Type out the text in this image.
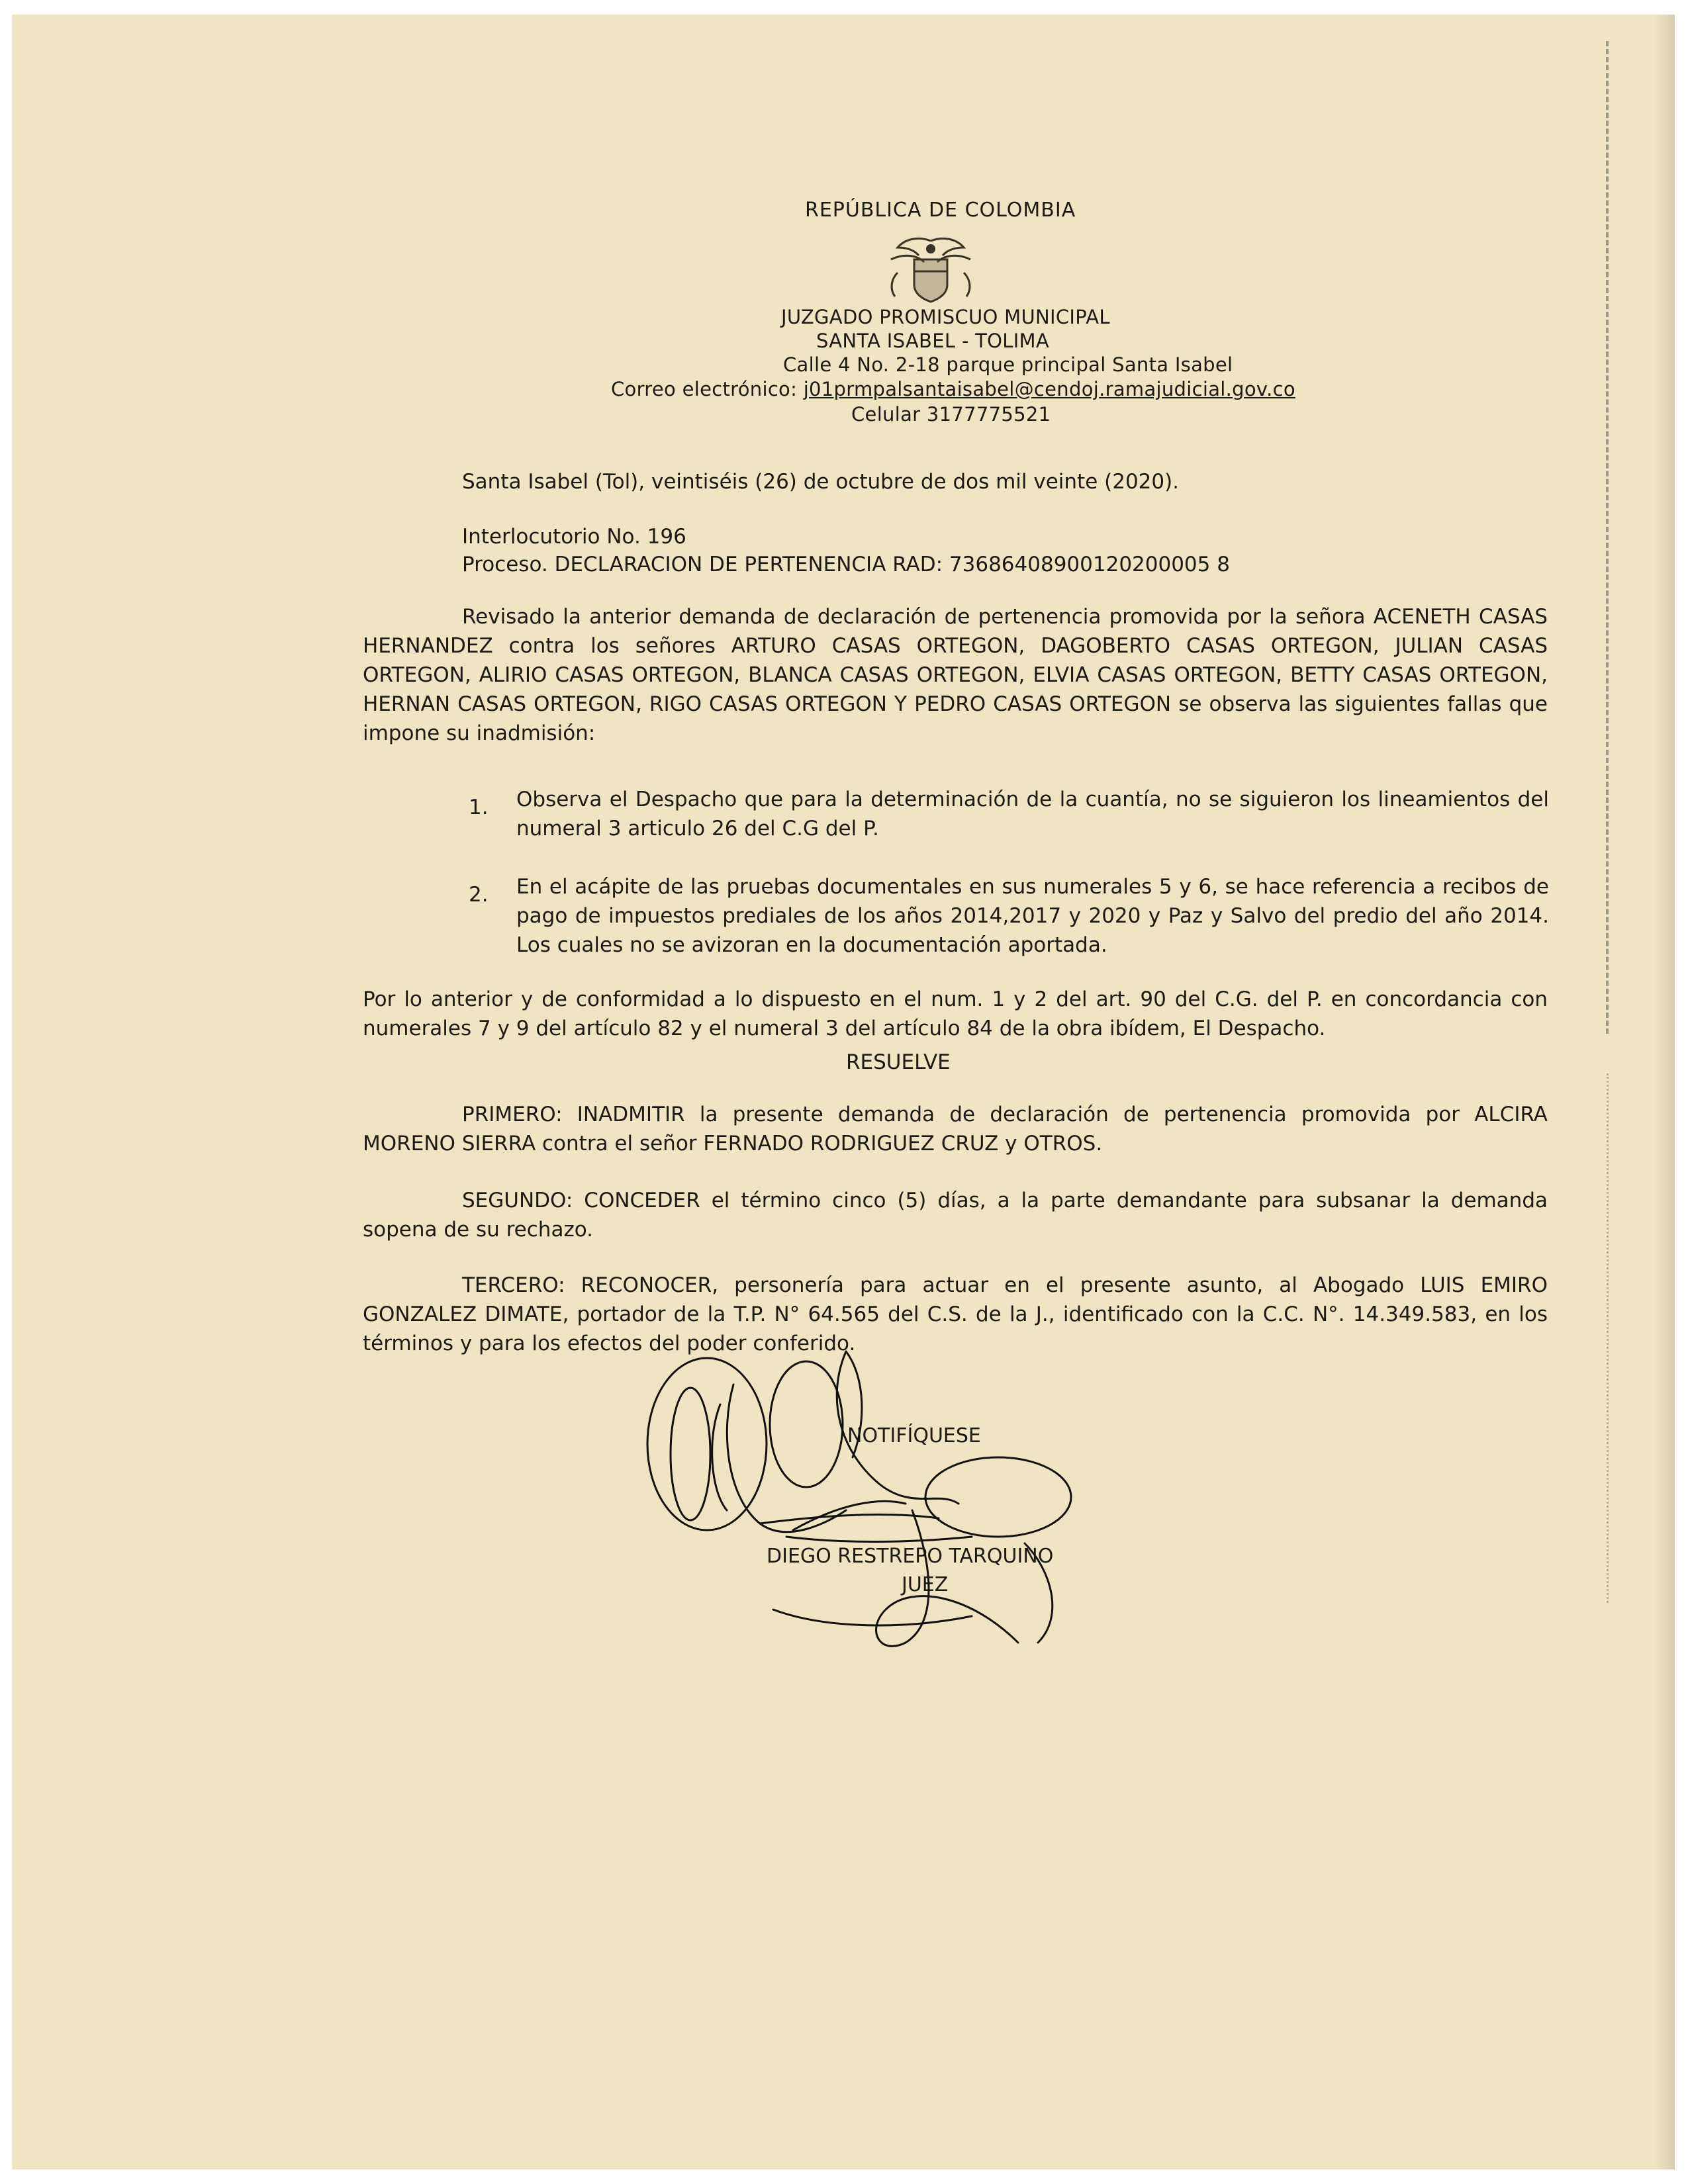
REPÚBLICA DE COLOMBIA
JUZGADO PROMISCUO MUNICIPAL
SANTA ISABEL - TOLIMA
Calle 4 No. 2-18 parque principal Santa Isabel
Correo electrónico: j01prmpalsantaisabel@cendoj.ramajudicial.gov.co
Celular 3177775521
Santa Isabel (Tol), veintiséis (26) de octubre de dos mil veinte (2020).
Interlocutorio No. 196
Proceso. DECLARACION DE PERTENENCIA RAD: 73686408900120200005 8
Revisado la anterior demanda de declaración de pertenencia promovida por la señora ACENETH CASAS HERNANDEZ contra los señores ARTURO CASAS ORTEGON, DAGOBERTO CASAS ORTEGON, JULIAN CASAS ORTEGON, ALIRIO CASAS ORTEGON, BLANCA CASAS ORTEGON, ELVIA CASAS ORTEGON, BETTY CASAS ORTEGON, HERNAN CASAS ORTEGON, RIGO CASAS ORTEGON Y PEDRO CASAS ORTEGON se observa las siguientes fallas que impone su inadmisión:
1. Observa el Despacho que para la determinación de la cuantía, no se siguieron los lineamientos del numeral 3 articulo 26 del C.G del P.
2. En el acápite de las pruebas documentales en sus numerales 5 y 6, se hace referencia a recibos de pago de impuestos prediales de los años 2014,2017 y 2020 y Paz y Salvo del predio del año 2014. Los cuales no se avizoran en la documentación aportada.
Por lo anterior y de conformidad a lo dispuesto en el num. 1 y 2 del art. 90 del C.G. del P. en concordancia con numerales 7 y 9 del artículo 82 y el numeral 3 del artículo 84 de la obra ibídem, El Despacho.
RESUELVE
PRIMERO: INADMITIR la presente demanda de declaración de pertenencia promovida por ALCIRA MORENO SIERRA contra el señor FERNADO RODRIGUEZ CRUZ y OTROS.
SEGUNDO: CONCEDER el término cinco (5) días, a la parte demandante para subsanar la demanda sopena de su rechazo.
TERCERO: RECONOCER, personería para actuar en el presente asunto, al Abogado LUIS EMIRO GONZALEZ DIMATE, portador de la T.P. N° 64.565 del C.S. de la J., identificado con la C.C. N°. 14.349.583, en los términos y para los efectos del poder conferido.
NOTIFÍQUESE
DIEGO RESTREPO TARQUINO
JUEZ
